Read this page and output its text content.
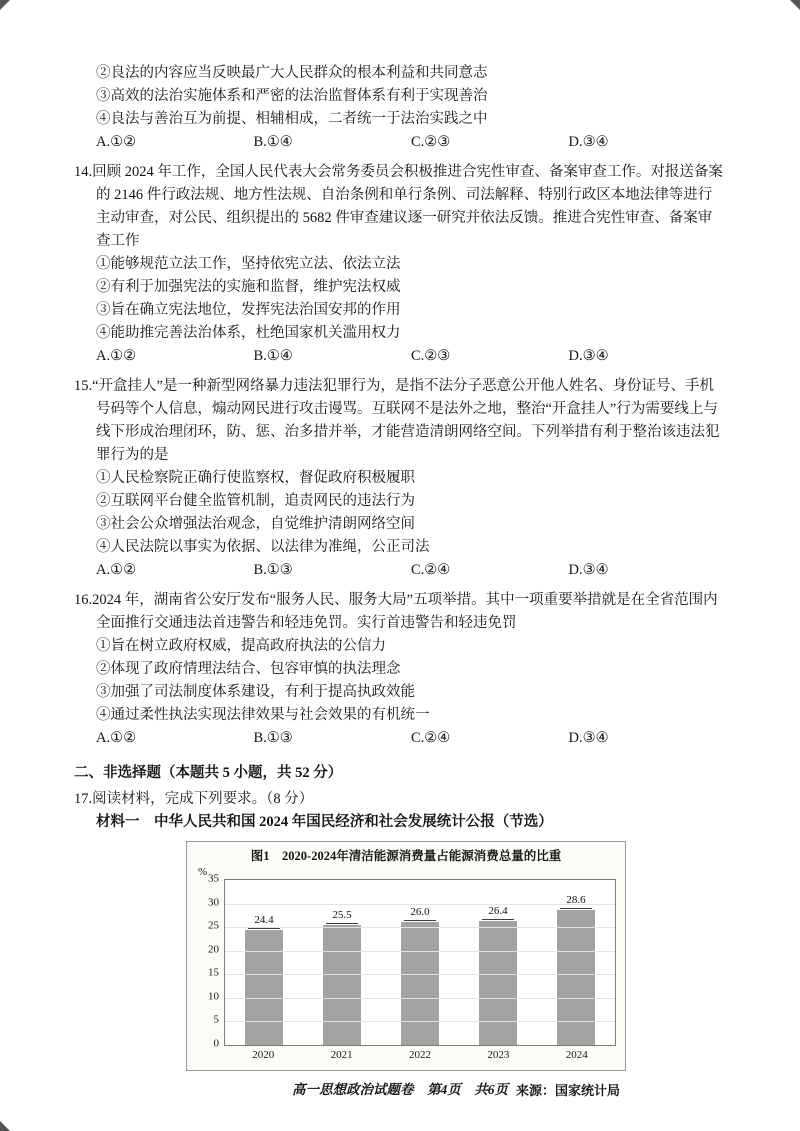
②良法的内容应当反映最广大人民群众的根本利益和共同意志
③高效的法治实施体系和严密的法治监督体系有利于实现善治
④良法与善治互为前提、相辅相成，二者统一于法治实践之中
A.①②	B.①④	C.②③	D.③④
14.回顾 2024 年工作，全国人民代表大会常务委员会积极推进合宪性审查、备案审查工作。对报送备案的 2146 件行政法规、地方性法规、自治条例和单行条例、司法解释、特别行政区本地法律等进行主动审查，对公民、组织提出的 5682 件审查建议逐一研究并依法反馈。推进合宪性审查、备案审查工作
①能够规范立法工作，坚持依宪立法、依法立法
②有利于加强宪法的实施和监督，维护宪法权威
③旨在确立宪法地位，发挥宪法治国安邦的作用
④能助推完善法治体系，杜绝国家机关滥用权力
A.①②	B.①④	C.②③	D.③④
15.“开盒挂人”是一种新型网络暴力违法犯罪行为，是指不法分子恶意公开他人姓名、身份证号、手机号码等个人信息，煽动网民进行攻击谩骂。互联网不是法外之地，整治“开盒挂人”行为需要线上与线下形成治理闭环，防、惩、治多措并举，才能营造清朗网络空间。下列举措有利于整治该违法犯罪行为的是
①人民检察院正确行使监察权，督促政府积极履职
②互联网平台健全监管机制，追责网民的违法行为
③社会公众增强法治观念，自觉维护清朗网络空间
④人民法院以事实为依据、以法律为准绳，公正司法
A.①②	B.①③	C.②④	D.③④
16.2024 年，湖南省公安厅发布“服务人民、服务大局”五项举措。其中一项重要举措就是在全省范围内全面推行交通违法首违警告和轻违免罚。实行首违警告和轻违免罚
①旨在树立政府权威，提高政府执法的公信力
②体现了政府情理法结合、包容审慎的执法理念
③加强了司法制度体系建设，有利于提高执政效能
④通过柔性执法实现法律效果与社会效果的有机统一
A.①②	B.①③	C.②④	D.③④
二、非选择题（本题共 5 小题，共 52 分）
17.阅读材料，完成下列要求。（8 分）
材料一　中华人民共和国 2024 年国民经济和社会发展统计公报（节选）
图1　2020-2024年清洁能源消费量占能源消费总量的比重
%
0
5
10
15
20
25
30
35
24.4	25.5	26.0	26.4
28.6
2020	2021	2022	2023	2024
来源：国家统计局
高一思想政治试题卷　第4页　共6页
